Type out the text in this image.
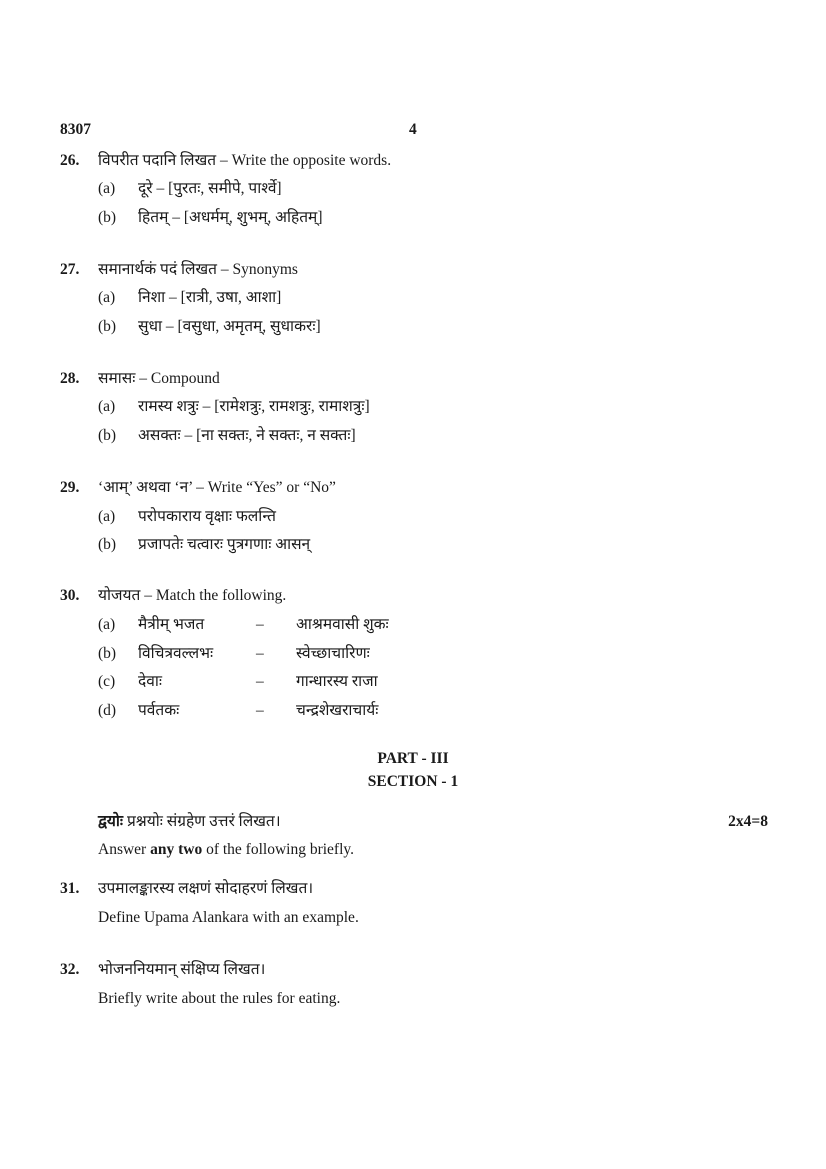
8307	4
26. विपरीत पदानि लिखत – Write the opposite words.
(a) दूरे – [पुरतः, समीपे, पार्श्वे]
(b) हितम् – [अधर्मम्, शुभम्, अहितम्]
27. समानार्थकं पदं लिखत – Synonyms
(a) निशा – [रात्री, उषा, आशा]
(b) सुधा – [वसुधा, अमृतम्, सुधाकरः]
28. समासः – Compound
(a) रामस्य शत्रुः – [रामेशत्रुः, रामशत्रुः, रामाशत्रुः]
(b) असक्तः – [ना सक्तः, ने सक्तः, न सक्तः]
29. ‘आम्’ अथवा ‘न’ – Write “Yes” or “No”
(a) परोपकाराय वृक्षाः फलन्ति
(b) प्रजापतेः चत्वारः पुत्रगणाः आसन्
30. योजयत – Match the following.
(a) मैत्रीम् भजत	– आश्रमवासी शुकः
(b) विचित्रवल्लभः	– स्वेच्छाचारिणः
(c) देवाः	– गान्धारस्य राजा
(d) पर्वतकः	– चन्द्रशेखराचार्यः
PART - III
SECTION - 1
द्वयोः प्रश्नयोः संग्रहेण उत्तरं लिखत।	2x4=8
Answer any two of the following briefly.
31. उपमालङ्कारस्य लक्षणं सोदाहरणं लिखत।
Define Upama Alankara with an example.
32. भोजननियमान् संक्षिप्य लिखत।
Briefly write about the rules for eating.
